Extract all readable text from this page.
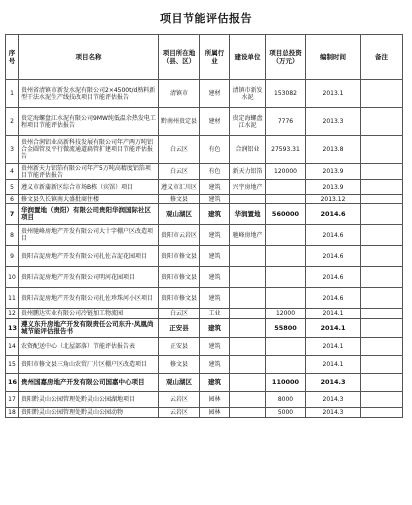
项目节能评估报告
序号	项目名称	项目所在地（县、区）	所属行业	建设单位	项目总投资（万元）	编制时间	备注
1	贵州省清镇市新发水泥有限公司2×4500t/d熟料新型干法水泥生产线技改项目节能评估报告	清镇市	建材	清镇市新发水泥	153082	2013.1	
2	贵定海螺盘江水泥有限公司9MW纯低温余热发电工程项目节能评估报告	黔南州贵定县	建材	贵定海螺盘江水泥	7776	2013.3	
3	贵州合润铝业高新科技发展有限公司年产两万吨铝合金圆管及平行微流通道扁管扩建项目节能评估报告	白云区	有色	合润铝业	27593.31	2013.8	
4	贵州新天力铝箔有限公司年产5万吨高精度铝箔项目节能评估报告	白云区	有色	新天力铝箔	120000	2013.9	
5	遵义市新蒲新区综合市场B栋（宾馆）项目	遵义市汇川区	建筑	兴宇房地产		2013.9	
6	修文县久长镇南大盛批商住楼	修文县	建筑			2013.12	
7	华润置地（贵阳）有限公司贵阳华润国际社区项目	观山湖区	建筑	华润置地	560000	2014.6	
8	贵州驰峰房地产开发有限公司大十字棚户区改造项目	贵阳市云岩区	建筑	驰峰房地产		2014.6	
9	贵阳吉浞房地产开发有限公司扎佐吉浞花园项目	贵阳市修文县	建筑			2014.6	
10	贵阳吉浞房地产开发有限公司明河花园项目	贵阳市修文县	建筑			2014.6	
11	贵阳吉浞房地产开发有限公司扎佐珍珠河小区项目	贵阳市修文县	建筑			2014.6	
12	贵州鹏达实业有限公司冷链加工物流园	白云区	工业		12000	2014.1	
13	遵义东升房地产开发有限责任公司东升·凤凰尚城节能评估报告书	正安县	建筑		55800	2014.1	
14	农资配送中心（北屋部落）节能评估报告表	正安县	建筑			2014.1	
15	贵阳市修文县三角山农贸厂片区棚户区改造项目	修文县	建筑			2014.1	
16	贵州国嘉房地产开发有限公司国嘉中心项目	观山湖区	建筑		110000	2014.3	
17	贵阳黔灵山公园管理处黔灵山公园湖地项目	云岩区	园林		8000	2014.3	
18	贵阳黔灵山公园管理处黔灵山公园动物	云岩区	园林		5000	2014.3	
